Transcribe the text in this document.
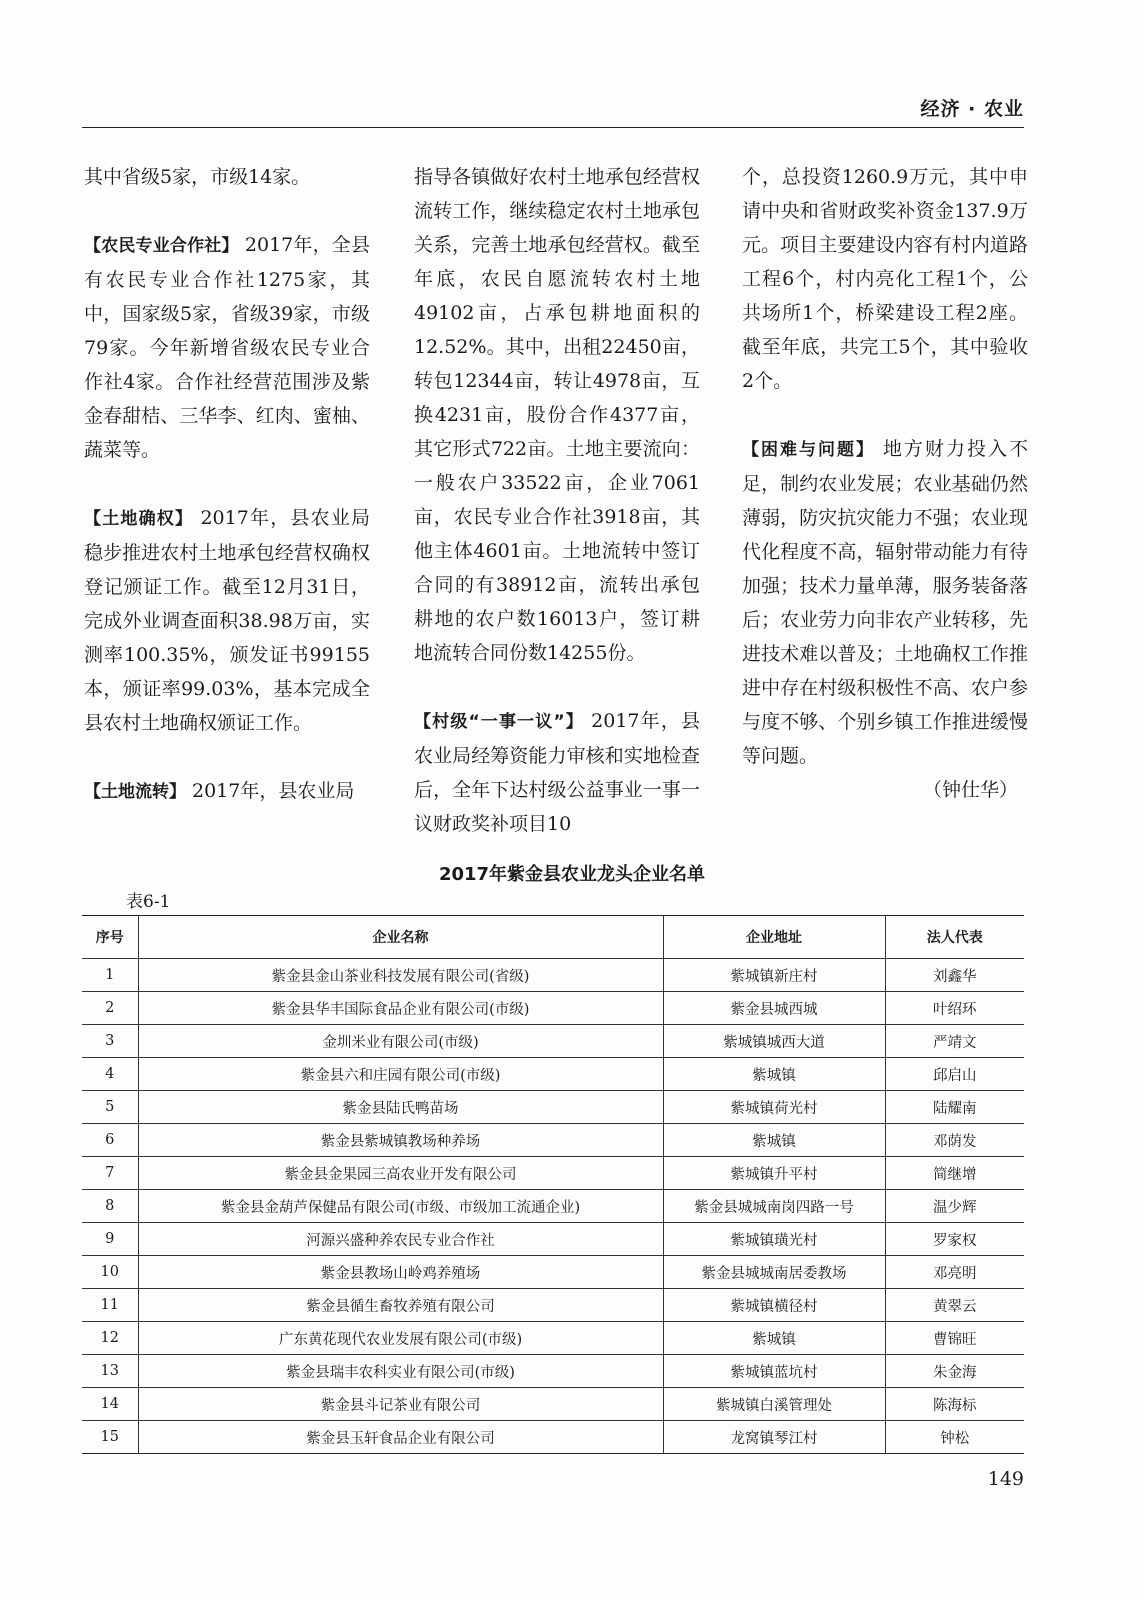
经济 · 农业

其中省级5家，市级14家。

【农民专业合作社】 2017年，全县有农民专业合作社1275家，其中，国家级5家，省级39家，市级79家。今年新增省级农民专业合作社4家。合作社经营范围涉及紫金春甜桔、三华李、红肉、蜜柚、蔬菜等。

【土地确权】 2017年，县农业局稳步推进农村土地承包经营权确权登记颁证工作。截至12月31日，完成外业调查面积38.98万亩，实测率100.35%，颁发证书99155本，颁证率99.03%，基本完成全县农村土地确权颁证工作。

【土地流转】 2017年，县农业局

指导各镇做好农村土地承包经营权流转工作，继续稳定农村土地承包关系，完善土地承包经营权。截至年底，农民自愿流转农村土地49102亩，占承包耕地面积的12.52%。其中，出租22450亩，转包12344亩，转让4978亩，互换4231亩，股份合作4377亩，其它形式722亩。土地主要流向：一般农户33522亩，企业7061亩，农民专业合作社3918亩，其他主体4601亩。土地流转中签订合同的有38912亩，流转出承包耕地的农户数16013户，签订耕地流转合同份数14255份。

【村级“一事一议”】 2017年，县农业局经筹资能力审核和实地检查后，全年下达村级公益事业一事一议财政奖补项目10

个，总投资1260.9万元，其中申请中央和省财政奖补资金137.9万元。项目主要建设内容有村内道路工程6个，村内亮化工程1个，公共场所1个，桥梁建设工程2座。截至年底，共完工5个，其中验收2个。

【困难与问题】 地方财力投入不足，制约农业发展；农业基础仍然薄弱，防灾抗灾能力不强；农业现代化程度不高，辐射带动能力有待加强；技术力量单薄，服务装备落后；农业劳力向非农产业转移，先进技术难以普及；土地确权工作推进中存在村级积极性不高、农户参与度不够、个别乡镇工作推进缓慢等问题。

（钟仕华）
2017年紫金县农业龙头企业名单
表6-1
序号	企业名称	企业地址	法人代表
1	紫金县金山茶业科技发展有限公司(省级)	紫城镇新庄村	刘鑫华
2	紫金县华丰国际食品企业有限公司(市级)	紫金县城西城	叶绍环
3	金圳米业有限公司(市级)	紫城镇城西大道	严靖文
4	紫金县六和庄园有限公司(市级)	紫城镇	邱启山
5	紫金县陆氏鸭苗场	紫城镇荷光村	陆耀南
6	紫金县紫城镇教场种养场	紫城镇	邓荫发
7	紫金县金果园三高农业开发有限公司	紫城镇升平村	简继增
8	紫金县金葫芦保健品有限公司(市级、市级加工流通企业)	紫金县城城南岗四路一号	温少辉
9	河源兴盛种养农民专业合作社	紫城镇璜光村	罗家权
10	紫金县教场山岭鸡养殖场	紫金县城城南居委教场	邓亮明
11	紫金县循生畜牧养殖有限公司	紫城镇横径村	黄翠云
12	广东黄花现代农业发展有限公司(市级)	紫城镇	曹锦旺
13	紫金县瑞丰农科实业有限公司(市级)	紫城镇蓝坑村	朱金海
14	紫金县斗记茶业有限公司	紫城镇白溪管理处	陈海标
15	紫金县玉轩食品企业有限公司	龙窝镇琴江村	钟松
149
